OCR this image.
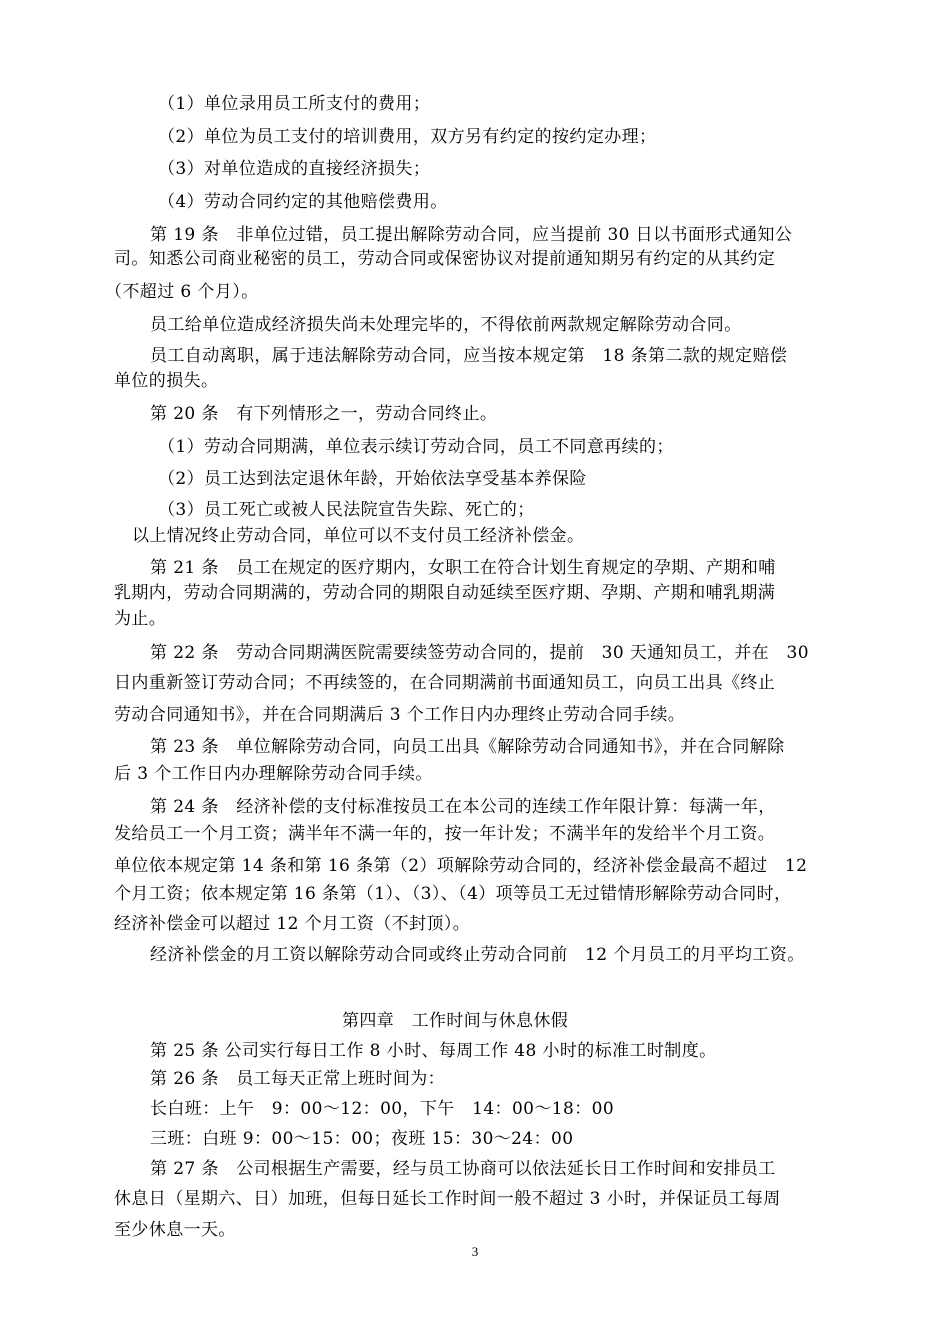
（1）单位录用员工所支付的费用；
（2）单位为员工支付的培训费用，双方另有约定的按约定办理；
（3）对单位造成的直接经济损失；
（4）劳动合同约定的其他赔偿费用。
第 19 条　非单位过错，员工提出解除劳动合同，应当提前 30 日以书面形式通知公
司。知悉公司商业秘密的员工，劳动合同或保密协议对提前通知期另有约定的从其约定
（不超过 6 个月）。
员工给单位造成经济损失尚未处理完毕的，不得依前两款规定解除劳动合同。
员工自动离职，属于违法解除劳动合同，应当按本规定第　18 条第二款的规定赔偿
单位的损失。
第 20 条　有下列情形之一，劳动合同终止。
（1）劳动合同期满，单位表示续订劳动合同，员工不同意再续的；
（2）员工达到法定退休年龄，开始依法享受基本养保险
（3）员工死亡或被人民法院宣告失踪、死亡的；
以上情况终止劳动合同，单位可以不支付员工经济补偿金。
第 21 条　员工在规定的医疗期内，女职工在符合计划生育规定的孕期、产期和哺
乳期内，劳动合同期满的，劳动合同的期限自动延续至医疗期、孕期、产期和哺乳期满
为止。
第 22 条　劳动合同期满医院需要续签劳动合同的，提前　30 天通知员工，并在　30
日内重新签订劳动合同；不再续签的，在合同期满前书面通知员工，向员工出具《终止
劳动合同通知书》，并在合同期满后 3 个工作日内办理终止劳动合同手续。
第 23 条　单位解除劳动合同，向员工出具《解除劳动合同通知书》，并在合同解除
后 3 个工作日内办理解除劳动合同手续。
第 24 条　经济补偿的支付标准按员工在本公司的连续工作年限计算：每满一年，
发给员工一个月工资；满半年不满一年的，按一年计发；不满半年的发给半个月工资。
单位依本规定第 14 条和第 16 条第（2）项解除劳动合同的，经济补偿金最高不超过　12
个月工资；依本规定第 16 条第（1）、（3）、（4）项等员工无过错情形解除劳动合同时，
经济补偿金可以超过 12 个月工资（不封顶）。
经济补偿金的月工资以解除劳动合同或终止劳动合同前　12 个月员工的月平均工资。
第四章　工作时间与休息休假
第 25 条 公司实行每日工作 8 小时、每周工作 48 小时的标准工时制度。
第 26 条　员工每天正常上班时间为：
长白班：上午　9：00～12：00，下午　14：00～18：00
三班：白班 9：00～15：00；夜班 15：30～24：00
第 27 条　公司根据生产需要，经与员工协商可以依法延长日工作时间和安排员工
休息日（星期六、日）加班，但每日延长工作时间一般不超过 3 小时，并保证员工每周
至少休息一天。
3
